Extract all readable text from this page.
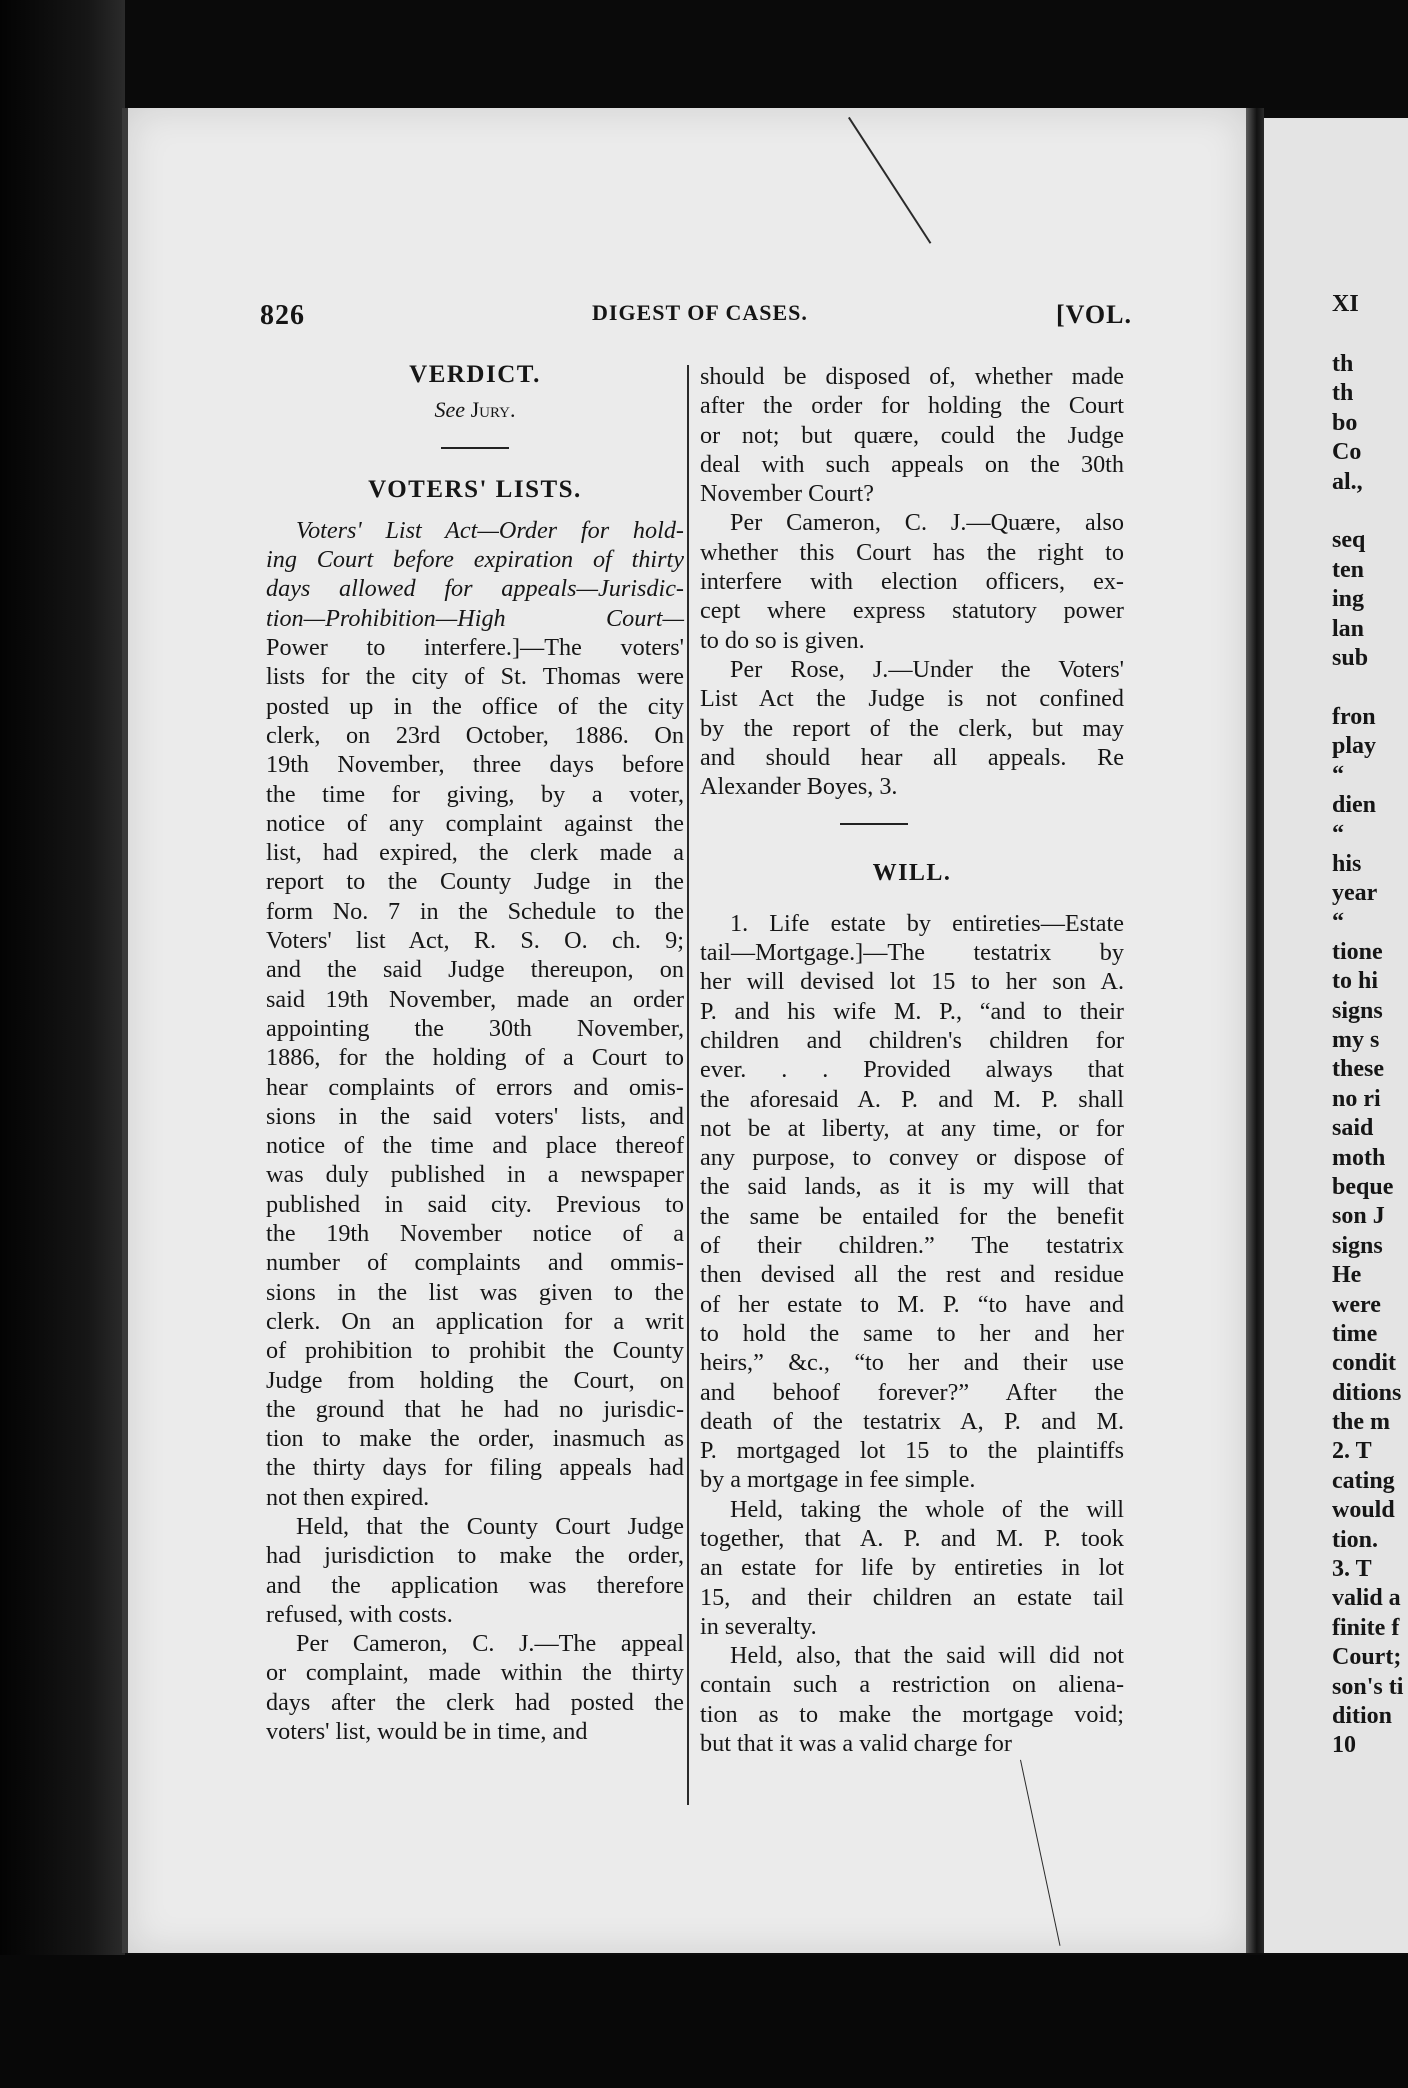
826	DIGEST OF CASES.	[VOL.
VERDICT.
See Jury.
VOTERS' LISTS.
Voters' List Act—Order for hold-
ing Court before expiration of thirty
days allowed for appeals—Jurisdic-
tion—Prohibition—High Court—
Power to interfere.]—The voters'
lists for the city of St. Thomas were
posted up in the office of the city
clerk, on 23rd October, 1886. On
19th November, three days before
the time for giving, by a voter,
notice of any complaint against the
list, had expired, the clerk made a
report to the County Judge in the
form No. 7 in the Schedule to the
Voters' list Act, R. S. O. ch. 9;
and the said Judge thereupon, on
said 19th November, made an order
appointing the 30th November,
1886, for the holding of a Court to
hear complaints of errors and omis-
sions in the said voters' lists, and
notice of the time and place thereof
was duly published in a newspaper
published in said city. Previous to
the 19th November notice of a
number of complaints and ommis-
sions in the list was given to the
clerk. On an application for a writ
of prohibition to prohibit the County
Judge from holding the Court, on
the ground that he had no jurisdic-
tion to make the order, inasmuch as
the thirty days for filing appeals had
not then expired.
Held, that the County Court Judge
had jurisdiction to make the order,
and the application was therefore
refused, with costs.
Per Cameron, C. J.—The appeal
or complaint, made within the thirty
days after the clerk had posted the
voters' list, would be in time, and
should be disposed of, whether made
after the order for holding the Court
or not; but quære, could the Judge
deal with such appeals on the 30th
November Court?
Per Cameron, C. J.—Quære, also
whether this Court has the right to
interfere with election officers, ex-
cept where express statutory power
to do so is given.
Per Rose, J.—Under the Voters'
List Act the Judge is not confined
by the report of the clerk, but may
and should hear all appeals. Re
Alexander Boyes, 3.
WILL.
1. Life estate by entireties—Estate
tail—Mortgage.]—The testatrix by
her will devised lot 15 to her son A.
P. and his wife M. P., “and to their
children and children's children for
ever. . . Provided always that
the aforesaid A. P. and M. P. shall
not be at liberty, at any time, or for
any purpose, to convey or dispose of
the said lands, as it is my will that
the same be entailed for the benefit
of their children.” The testatrix
then devised all the rest and residue
of her estate to M. P. “to have and
to hold the same to her and her
heirs,” &c., “to her and their use
and behoof forever?” After the
death of the testatrix A, P. and M.
P. mortgaged lot 15 to the plaintiffs
by a mortgage in fee simple.
Held, taking the whole of the will
together, that A. P. and M. P. took
an estate for life by entireties in lot
15, and their children an estate tail
in severalty.
Held, also, that the said will did not
contain such a restriction on aliena-
tion as to make the mortgage void;
but that it was a valid charge for
XI
th
th
bo
Co
al.,
seq
ten
ing
lan
sub
fron
play
“
dien
“
his
year
“
tione
to hi
signs
my s
these
no ri
said
moth
beque
son J
signs
He
were
time
condit
ditions
the m
2. T
cating
would
tion.
3. T
valid a
finite f
Court;
son's ti
dition
10
